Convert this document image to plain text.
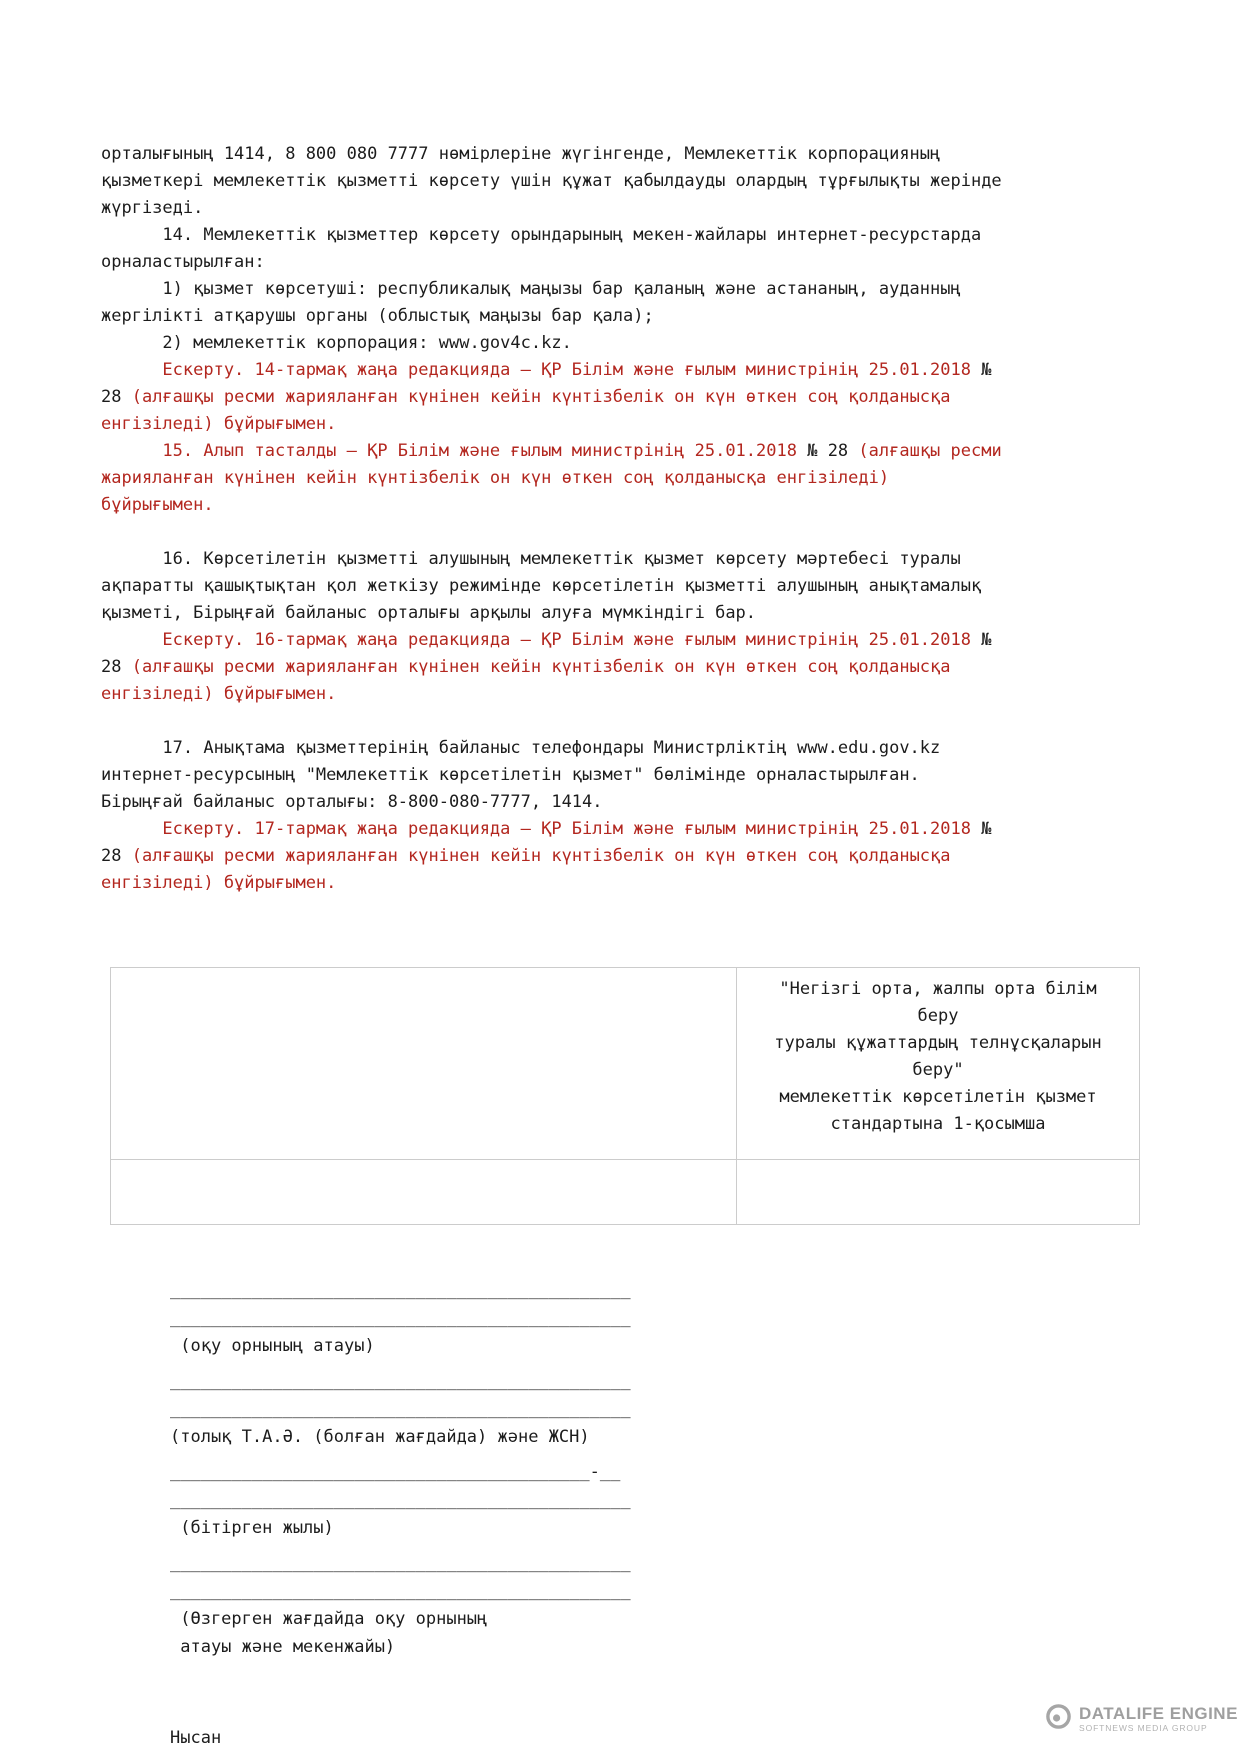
орталығының 1414, 8 800 080 7777 нөмірлеріне жүгінгенде, Мемлекеттік корпорацияның
қызметкері мемлекеттік қызметті көрсету үшін құжат қабылдауды олардың тұрғылықты жерінде
жүргізеді.
14. Мемлекеттік қызметтер көрсету орындарының мекен-жайлары интернет-ресурстарда
орналастырылған:
1) қызмет көрсетуші: республикалық маңызы бар қаланың және астананың, ауданның
жергілікті атқарушы органы (облыстық маңызы бар қала);
2) мемлекеттік корпорация: www.gov4c.kz.
Ескерту. 14-тармақ жаңа редакцияда – ҚР Білім және ғылым министрінің 25.01.2018 №
28 (алғашқы ресми жарияланған күнінен кейін күнтізбелік он күн өткен соң қолданысқа
енгізіледі) бұйрығымен.
15. Алып тасталды – ҚР Білім және ғылым министрінің 25.01.2018 № 28 (алғашқы ресми
жарияланған күнінен кейін күнтізбелік он күн өткен соң қолданысқа енгізіледі)
бұйрығымен.

16. Көрсетілетін қызметті алушының мемлекеттік қызмет көрсету мәртебесі туралы
ақпаратты қашықтықтан қол жеткізу режимінде көрсетілетін қызметті алушының анықтамалық
қызметі, Бірыңғай байланыс орталығы арқылы алуға мүмкіндігі бар.
Ескерту. 16-тармақ жаңа редакцияда – ҚР Білім және ғылым министрінің 25.01.2018 №
28 (алғашқы ресми жарияланған күнінен кейін күнтізбелік он күн өткен соң қолданысқа
енгізіледі) бұйрығымен.

17. Анықтама қызметтерінің байланыс телефондары Министрліктің www.edu.gov.kz
интернет-ресурсының "Мемлекеттік көрсетілетін қызмет" бөлімінде орналастырылған.
Бірыңғай байланыс орталығы: 8-800-080-7777, 1414.
Ескерту. 17-тармақ жаңа редакцияда – ҚР Білім және ғылым министрінің 25.01.2018 №
28 (алғашқы ресми жарияланған күнінен кейін күнтізбелік он күн өткен соң қолданысқа
енгізіледі) бұйрығымен.

"Негізгі орта, жалпы орта білім
беру
туралы құжаттардың телнұсқаларын
беру"
мемлекеттік көрсетілетін қызмет
стандартына 1-қосымша

_____________________________________________
_____________________________________________
(оқу орнының атауы)
_____________________________________________
_____________________________________________
(толық Т.А.Ә. (болған жағдайда) және ЖСН)
_________________________________________-__
_____________________________________________
(бітірген жылы)
_____________________________________________
_____________________________________________
(Өзгерген жағдайда оқу орнының
атауы және мекенжайы)

Нысан

DATALIFE ENGINE
SOFTNEWS MEDIA GROUP
